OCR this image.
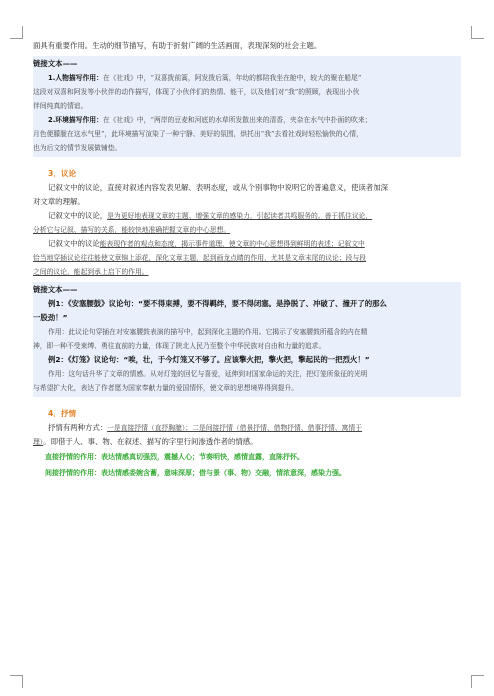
面具有重要作用。生动的细节描写，有助于折射广阔的生活画面，表现深刻的社会主题。
链接文本——
1.人物描写作用：在《社戏》中，“双喜拨前篙，阿发拨后篙，年幼的都陪我坐在舱中，较大的聚在船尾”
这段对双喜和阿发等小伙伴的动作描写，体现了小伙伴们的热情、能干，以及他们对“我”的照顾，表现出小伙
伴间纯真的情谊。
2.环境描写作用：在《社戏》中，“两岸的豆麦和河底的水草所发散出来的清香，夹杂在水气中扑面的吹来；
月色便朦胧在这水气里”，此环境描写渲染了一种宁静、美好的氛围，烘托出“我”去看社戏时轻松愉快的心情，
也为后文的情节发展做铺垫。
3．议论
记叙文中的议论，直接对叙述内容发表见解、表明态度，或从个别事物中说明它的普遍意义，使读者加深
对文章的理解。
记叙文中的议论，是为更好地表现文章的主题、增强文章的感染力，引起读者共鸣服务的。善于抓住议论，
分析它与记叙、描写的关系，能较快地准确把握文章的中心思想。
记叙文中的议论能表现作者的观点和态度，揭示事件道理，使文章的中心思想得到鲜明的表述；记叙文中
恰当地穿插议论往往能使文章锦上添花，深化文章主题，起到画龙点睛的作用，尤其是文章末尾的议论；段与段
之间的议论，能起到承上启下的作用。
链接文本——
例1：《安塞腰鼓》议论句：“要不得束搏，要不得羁绊，要不得闭塞。是挣脱了、冲破了、撞开了的那么
一股劲！”
作用：此议论句穿插在对安塞腰鼓表演的描写中，起到深化主题的作用。它揭示了安塞腰鼓所蕴含的内在精
神，即一种不受束缚、勇往直前的力量，体现了陕北人民乃至整个中华民族对自由和力量的追求。
例2：《灯笼》议论句：“唉，壮，于今灯笼又不够了。应该擎火把，擎火把，擎起民的一把烈火！”
作用：这句话升华了文章的情感。从对灯笼的回忆与喜爱，延伸到对国家命运的关注，把灯笼所象征的光明
与希望扩大化，表达了作者愿为国家奉献力量的爱国情怀，使文章的思想境界得到提升。
4．抒情
抒情有两种方式：一是直接抒情（直抒胸臆）；二是间接抒情（借景抒情、借物抒情、借事抒情、寓情于
理）。即借于人、事、物、在叙述、描写的字里行间渗透作者的情感。
直接抒情的作用：表达情感真切强烈，震撼人心；节奏明快，感情直露，直陈抒怀。
间接抒情的作用：表达情感委婉含蓄，意味深厚；借与景（事、物）交融，情浓意深，感染力强。
